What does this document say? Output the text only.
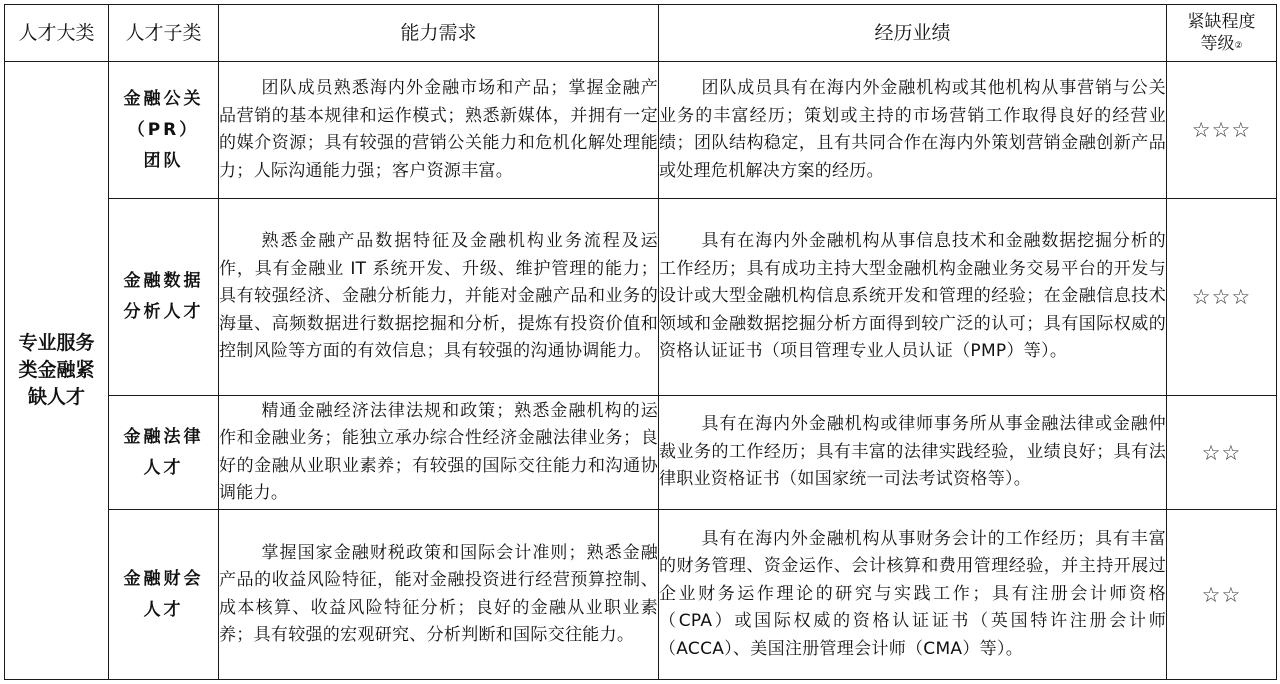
人才大类	人才子类	能力需求	经历业绩	紧缺程度
等级②
专业服务
类金融紧
缺人才	金融公关
（PR）
团队	团队成员熟悉海内外金融市场和产品；掌握金融产品营销的基本规律和运作模式；熟悉新媒体，并拥有一定的媒介资源；具有较强的营销公关能力和危机化解处理能力；人际沟通能力强；客户资源丰富。	团队成员具有在海内外金融机构或其他机构从事营销与公关业务的丰富经历；策划或主持的市场营销工作取得良好的经营业绩；团队结构稳定，且有共同合作在海内外策划营销金融创新产品或处理危机解决方案的经历。	☆☆☆
	金融数据
分析人才	熟悉金融产品数据特征及金融机构业务流程及运作，具有金融业 IT 系统开发、升级、维护管理的能力；具有较强经济、金融分析能力，并能对金融产品和业务的海量、高频数据进行数据挖掘和分析，提炼有投资价值和控制风险等方面的有效信息；具有较强的沟通协调能力。	具有在海内外金融机构从事信息技术和金融数据挖掘分析的工作经历；具有成功主持大型金融机构金融业务交易平台的开发与设计或大型金融机构信息系统开发和管理的经验；在金融信息技术领域和金融数据挖掘分析方面得到较广泛的认可；具有国际权威的资格认证证书（项目管理专业人员认证（PMP）等）。	☆☆☆
	金融法律
人才	精通金融经济法律法规和政策；熟悉金融机构的运作和金融业务；能独立承办综合性经济金融法律业务；良好的金融从业职业素养；有较强的国际交往能力和沟通协调能力。	具有在海内外金融机构或律师事务所从事金融法律或金融仲裁业务的工作经历；具有丰富的法律实践经验，业绩良好；具有法律职业资格证书（如国家统一司法考试资格等）。	☆☆
	金融财会
人才	掌握国家金融财税政策和国际会计准则；熟悉金融产品的收益风险特征，能对金融投资进行经营预算控制、成本核算、收益风险特征分析；良好的金融从业职业素养；具有较强的宏观研究、分析判断和国际交往能力。	具有在海内外金融机构从事财务会计的工作经历；具有丰富的财务管理、资金运作、会计核算和费用管理经验，并主持开展过企业财务运作理论的研究与实践工作；具有注册会计师资格（CPA）或国际权威的资格认证证书（英国特许注册会计师（ACCA）、美国注册管理会计师（CMA）等）。	☆☆
